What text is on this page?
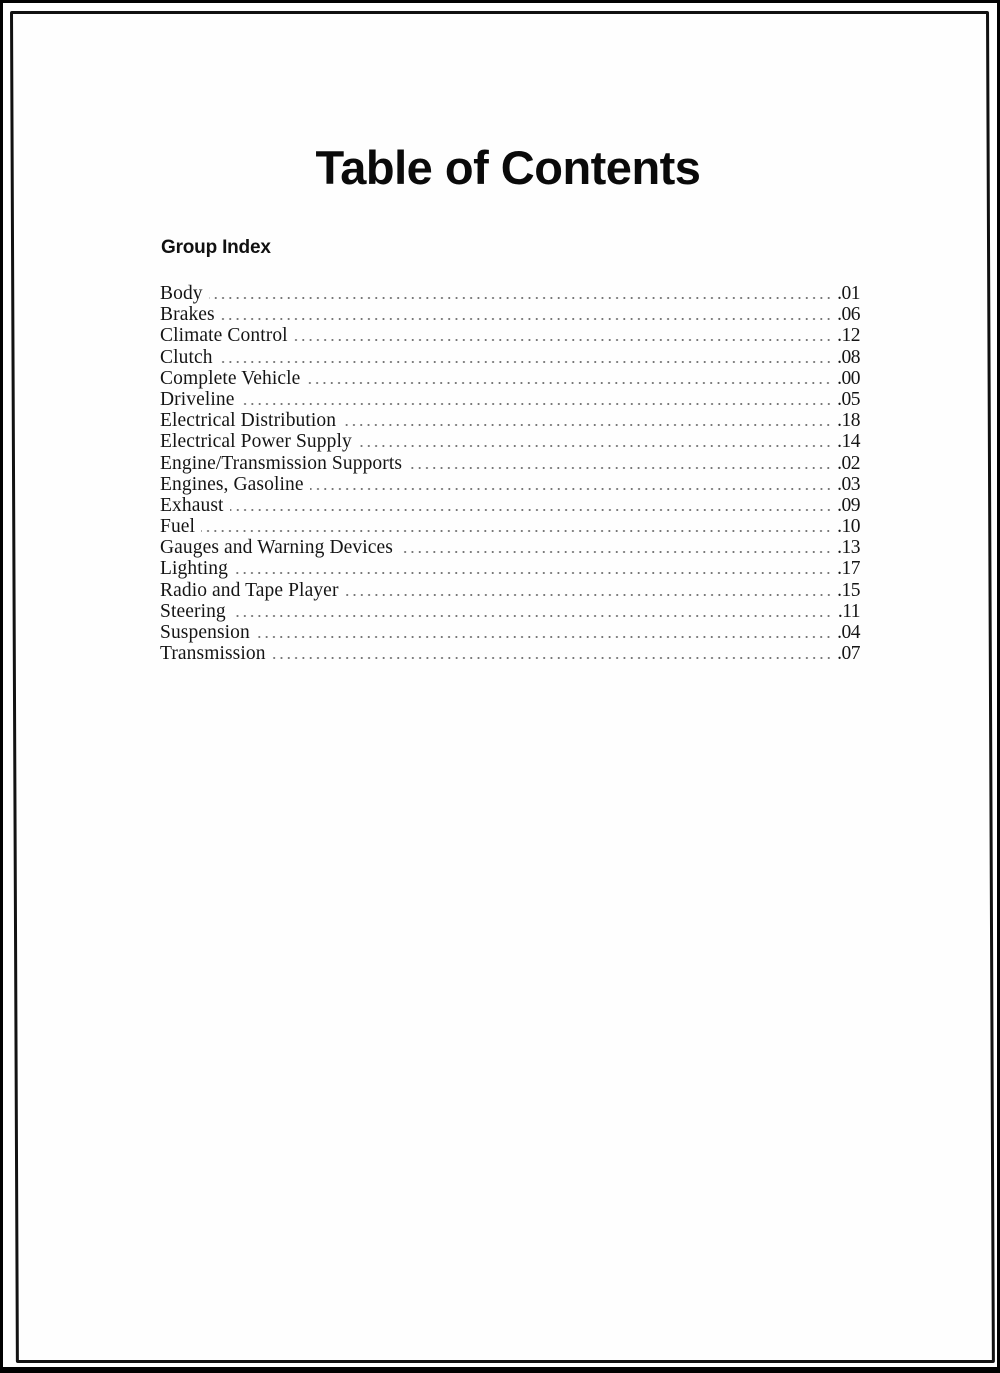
Table of Contents
Group Index
Body	.01
Brakes	.06
Climate Control	.12
Clutch	.08
Complete Vehicle	.00
Driveline	.05
Electrical Distribution	.18
Electrical Power Supply	.14
Engine/Transmission Supports	.02
Engines, Gasoline	.03
Exhaust	.09
Fuel	.10
Gauges and Warning Devices	.13
Lighting	.17
Radio and Tape Player	.15
Steering	.11
Suspension	.04
Transmission	.07
